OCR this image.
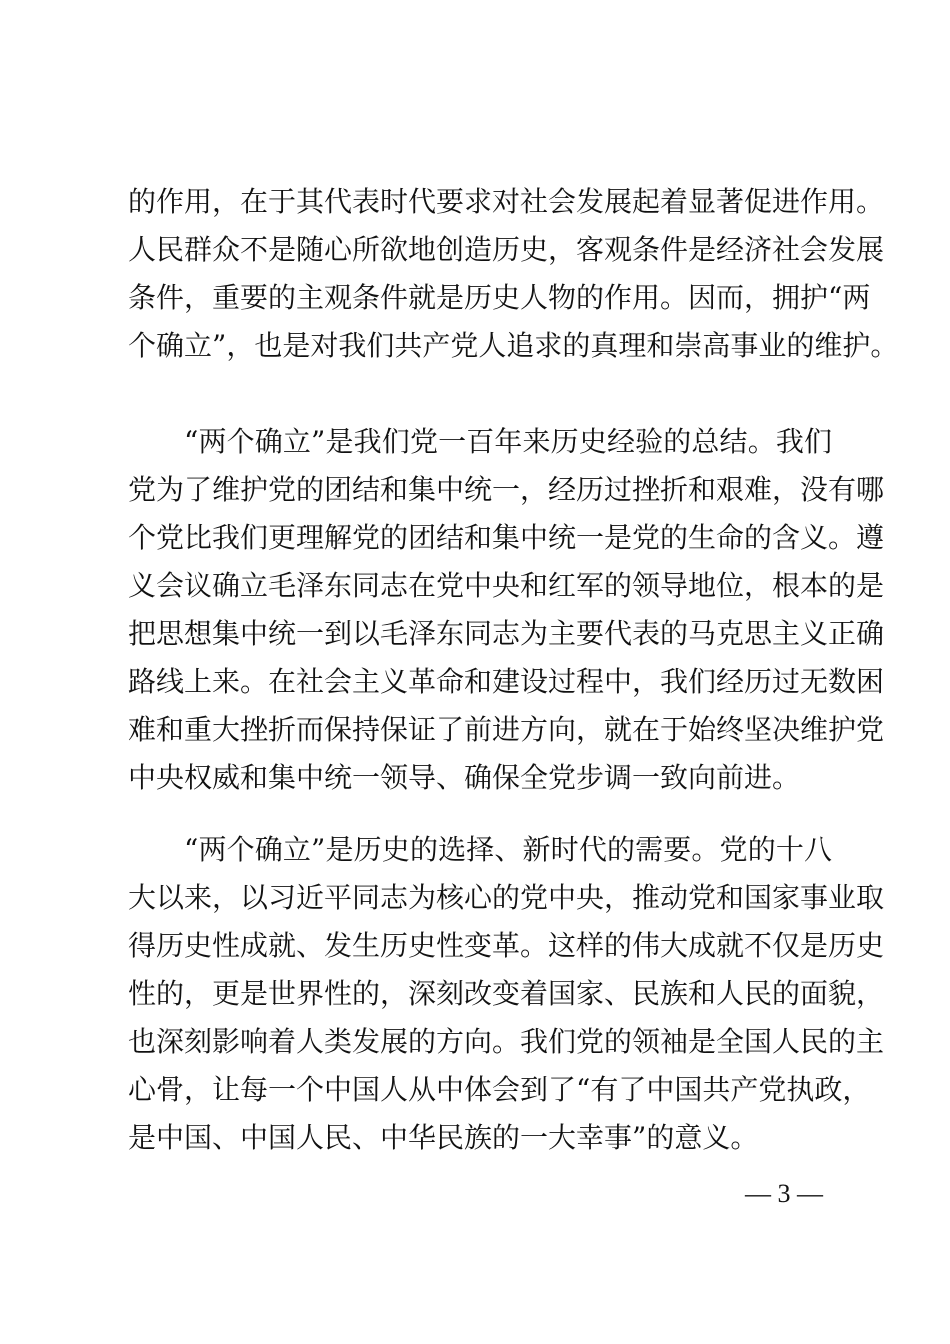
的作用，在于其代表时代要求对社会发展起着显著促进作用。
人民群众不是随心所欲地创造历史，客观条件是经济社会发展
条件，重要的主观条件就是历史人物的作用。因而，拥护“两
个确立”，也是对我们共产党人追求的真理和崇高事业的维护。
“两个确立”是我们党一百年来历史经验的总结。我们
党为了维护党的团结和集中统一，经历过挫折和艰难，没有哪
个党比我们更理解党的团结和集中统一是党的生命的含义。遵
义会议确立毛泽东同志在党中央和红军的领导地位，根本的是
把思想集中统一到以毛泽东同志为主要代表的马克思主义正确
路线上来。在社会主义革命和建设过程中，我们经历过无数困
难和重大挫折而保持保证了前进方向，就在于始终坚决维护党
中央权威和集中统一领导、确保全党步调一致向前进。
“两个确立”是历史的选择、新时代的需要。党的十八
大以来，以习近平同志为核心的党中央，推动党和国家事业取
得历史性成就、发生历史性变革。这样的伟大成就不仅是历史
性的，更是世界性的，深刻改变着国家、民族和人民的面貌，
也深刻影响着人类发展的方向。我们党的领袖是全国人民的主
心骨，让每一个中国人从中体会到了“有了中国共产党执政，
是中国、中国人民、中华民族的一大幸事”的意义。
— 3 —
